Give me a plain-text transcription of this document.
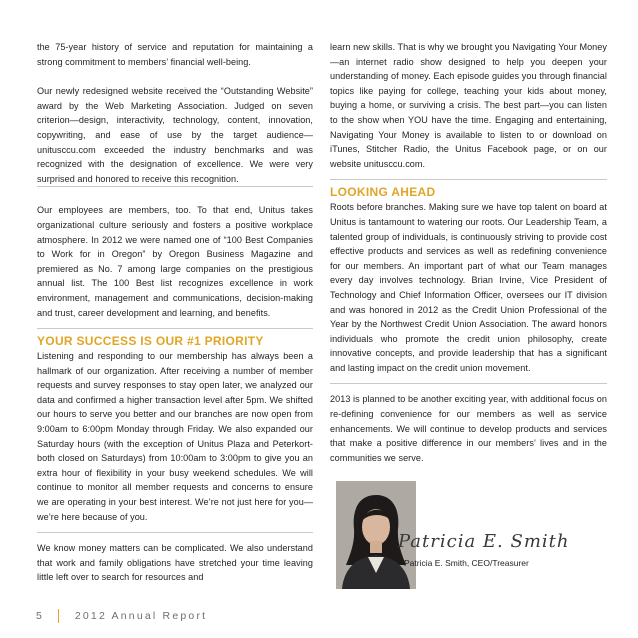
the 75-year history of service and reputation for maintaining a strong commitment to members’ financial well-being.

Our newly redesigned website received the “Outstanding Website” award by the Web Marketing Association. Judged on seven criterion—design, interactivity, technology, content, innovation, copywriting, and ease of use by the target audience—unitusccu.com exceeded the industry benchmarks and was recognized with the designation of excellence. We were very surprised and honored to receive this recognition.

Our employees are members, too. To that end, Unitus takes organizational culture seriously and fosters a positive workplace atmosphere. In 2012 we were named one of “100 Best Companies to Work for in Oregon” by Oregon Business Magazine and premiered as No. 7 among large companies on the prestigious annual list. The 100 Best list recognizes excellence in work environment, management and communications, decision-making and trust, career development and learning, and benefits.

YOUR SUCCESS IS OUR #1 PRIORITY

Listening and responding to our membership has always been a hallmark of our organization. After receiving a number of member requests and survey responses to stay open later, we analyzed our data and confirmed a higher transaction level after 5pm. We shifted our hours to serve you better and our branches are now open from 9:00am to 6:00pm Monday through Friday. We also expanded our Saturday hours (with the exception of Unitus Plaza and Peterkort-both closed on Saturdays) from 10:00am to 3:00pm to give you an extra hour of flexibility in your busy weekend schedules. We will continue to monitor all member requests and concerns to ensure we are operating in your best interest. We’re not just here for you—we’re here because of you.

We know money matters can be complicated. We also understand that work and family obligations have stretched your time leaving little left over to search for resources and

learn new skills. That is why we brought you Navigating Your Money—an internet radio show designed to help you deepen your understanding of money. Each episode guides you through financial topics like paying for college, teaching your kids about money, buying a home, or surviving a crisis. The best part—you can listen to the show when YOU have the time. Engaging and entertaining, Navigating Your Money is available to listen to or download on iTunes, Stitcher Radio, the Unitus Facebook page, or on our website unitusccu.com.

LOOKING AHEAD

Roots before branches. Making sure we have top talent on board at Unitus is tantamount to watering our roots. Our Leadership Team, a talented group of individuals, is continuously striving to provide cost effective products and services as well as redefining convenience for our members. An important part of what our Team manages every day involves technology. Brian Irvine, Vice President of Technology and Chief Information Officer, oversees our IT division and was honored in 2012 as the Credit Union Professional of the Year by the Northwest Credit Union Association. The award honors individuals who promote the credit union philosophy, create innovative concepts, and provide leadership that has a significant and lasting impact on the credit union movement.

2013 is planned to be another exciting year, with additional focus on re-defining convenience for our members as well as service enhancements. We will continue to develop products and services that make a positive difference in our members’ lives and in the communities we serve.

Patricia E. Smith
Patricia E. Smith, CEO/Treasurer
5	2012 Annual Report
